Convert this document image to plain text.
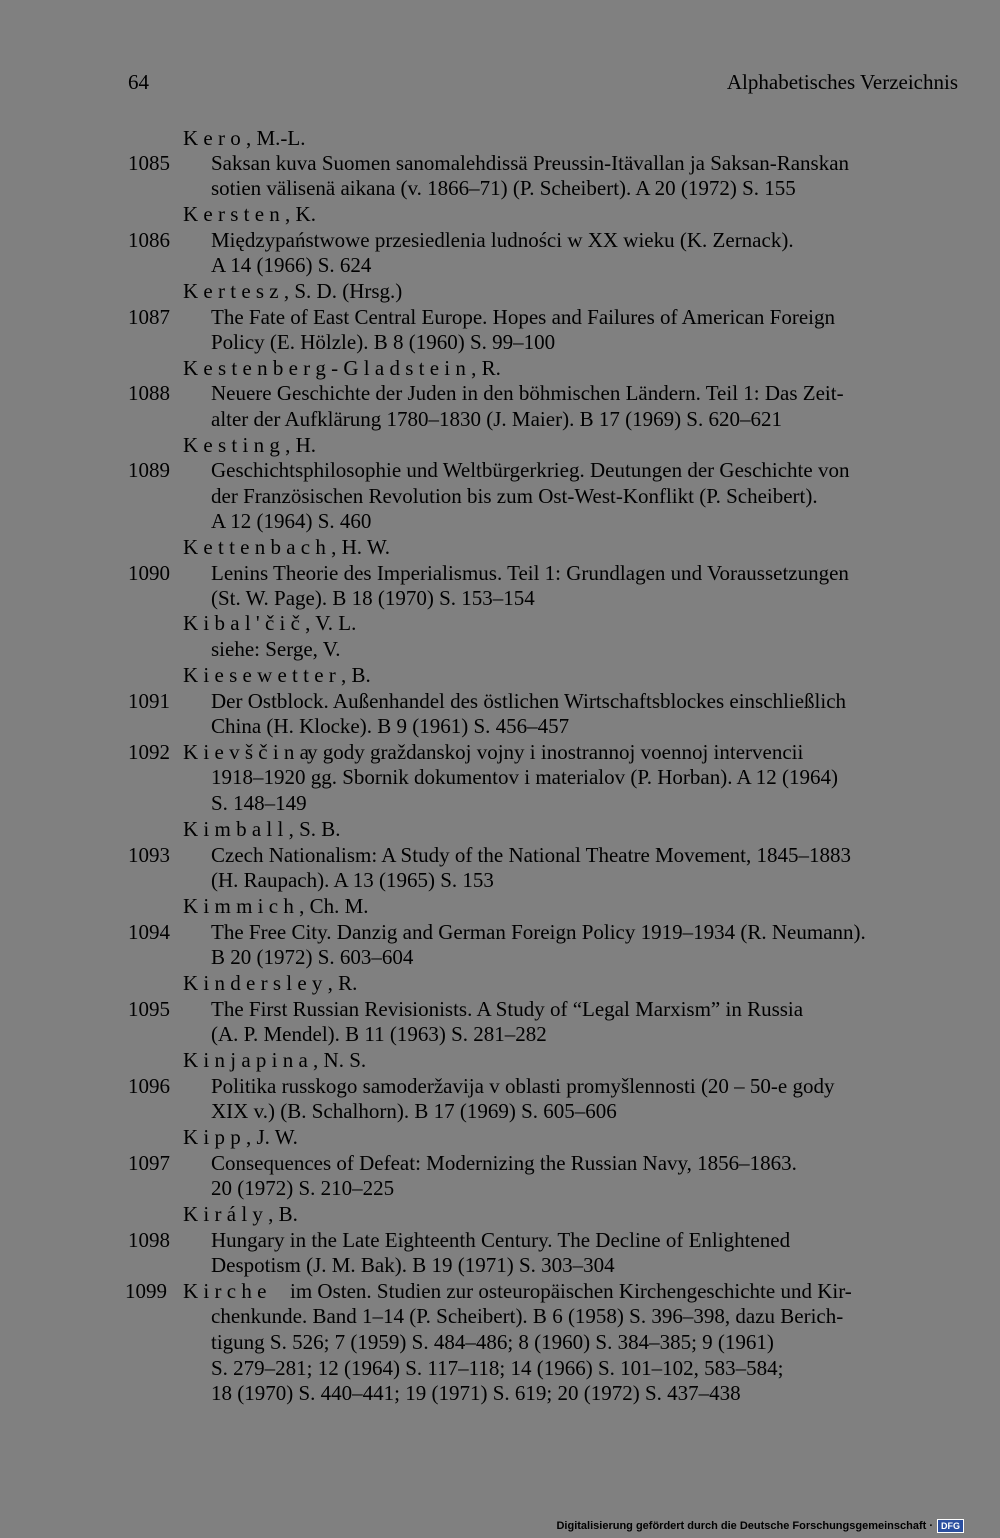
64	Alphabetisches Verzeichnis
K e r o , M.-L.
1085 Saksan kuva Suomen sanomalehdissä Preussin-Itävallan ja Saksan-Ranskan
sotien välisenä aikana (v. 1866–71) (P. Scheibert). A 20 (1972) S. 155
K e r s t e n , K.
1086 Międzypaństwowe przesiedlenia ludności w XX wieku (K. Zernack).
A 14 (1966) S. 624
K e r t e s z , S. D. (Hrsg.)
1087 The Fate of East Central Europe. Hopes and Failures of American Foreign
Policy (E. Hölzle). B 8 (1960) S. 99–100
K e s t e n b e r g - G l a d s t e i n , R.
1088 Neuere Geschichte der Juden in den böhmischen Ländern. Teil 1: Das Zeit-
alter der Aufklärung 1780–1830 (J. Maier). B 17 (1969) S. 620–621
K e s t i n g , H.
1089 Geschichtsphilosophie und Weltbürgerkrieg. Deutungen der Geschichte von
der Französischen Revolution bis zum Ost-West-Konflikt (P. Scheibert).
A 12 (1964) S. 460
K e t t e n b a c h , H. W.
1090 Lenins Theorie des Imperialismus. Teil 1: Grundlagen und Voraussetzungen
(St. W. Page). B 18 (1970) S. 153–154
K i b a l ' č i č , V. L.
siehe: Serge, V.
K i e s e w e t t e r , B.
1091 Der Ostblock. Außenhandel des östlichen Wirtschaftsblockes einschließlich
China (H. Klocke). B 9 (1961) S. 456–457
1092 K i e v š č i n a
y gody graždanskoj vojny i inostrannoj voennoj intervencii
1918–1920 gg. Sbornik dokumentov i materialov (P. Horban). A 12 (1964)
S. 148–149
K i m b a l l , S. B.
1093 Czech Nationalism: A Study of the National Theatre Movement, 1845–1883
(H. Raupach). A 13 (1965) S. 153
K i m m i c h , Ch. M.
1094 The Free City. Danzig and German Foreign Policy 1919–1934 (R. Neumann).
B 20 (1972) S. 603–604
K i n d e r s l e y , R.
1095 The First Russian Revisionists. A Study of “Legal Marxism” in Russia
(A. P. Mendel). B 11 (1963) S. 281–282
K i n j a p i n a , N. S.
1096 Politika russkogo samoderžavija v oblasti promyšlennosti (20 – 50-e gody
XIX v.) (B. Schalhorn). B 17 (1969) S. 605–606
K i p p , J. W.
1097 Consequences of Defeat: Modernizing the Russian Navy, 1856–1863.
20 (1972) S. 210–225
K i r á l y , B.
1098 Hungary in the Late Eighteenth Century. The Decline of Enlightened
Despotism (J. M. Bak). B 19 (1971) S. 303–304
1099 K i r c h e im Osten. Studien zur osteuropäischen Kirchengeschichte und Kir-
chenkunde. Band 1–14 (P. Scheibert). B 6 (1958) S. 396–398, dazu Berich-
tigung S. 526; 7 (1959) S. 484–486; 8 (1960) S. 384–385; 9 (1961)
S. 279–281; 12 (1964) S. 117–118; 14 (1966) S. 101–102, 583–584;
18 (1970) S. 440–441; 19 (1971) S. 619; 20 (1972) S. 437–438
Digitalisierung gefördert durch die Deutsche Forschungsgemeinschaft · DFG
